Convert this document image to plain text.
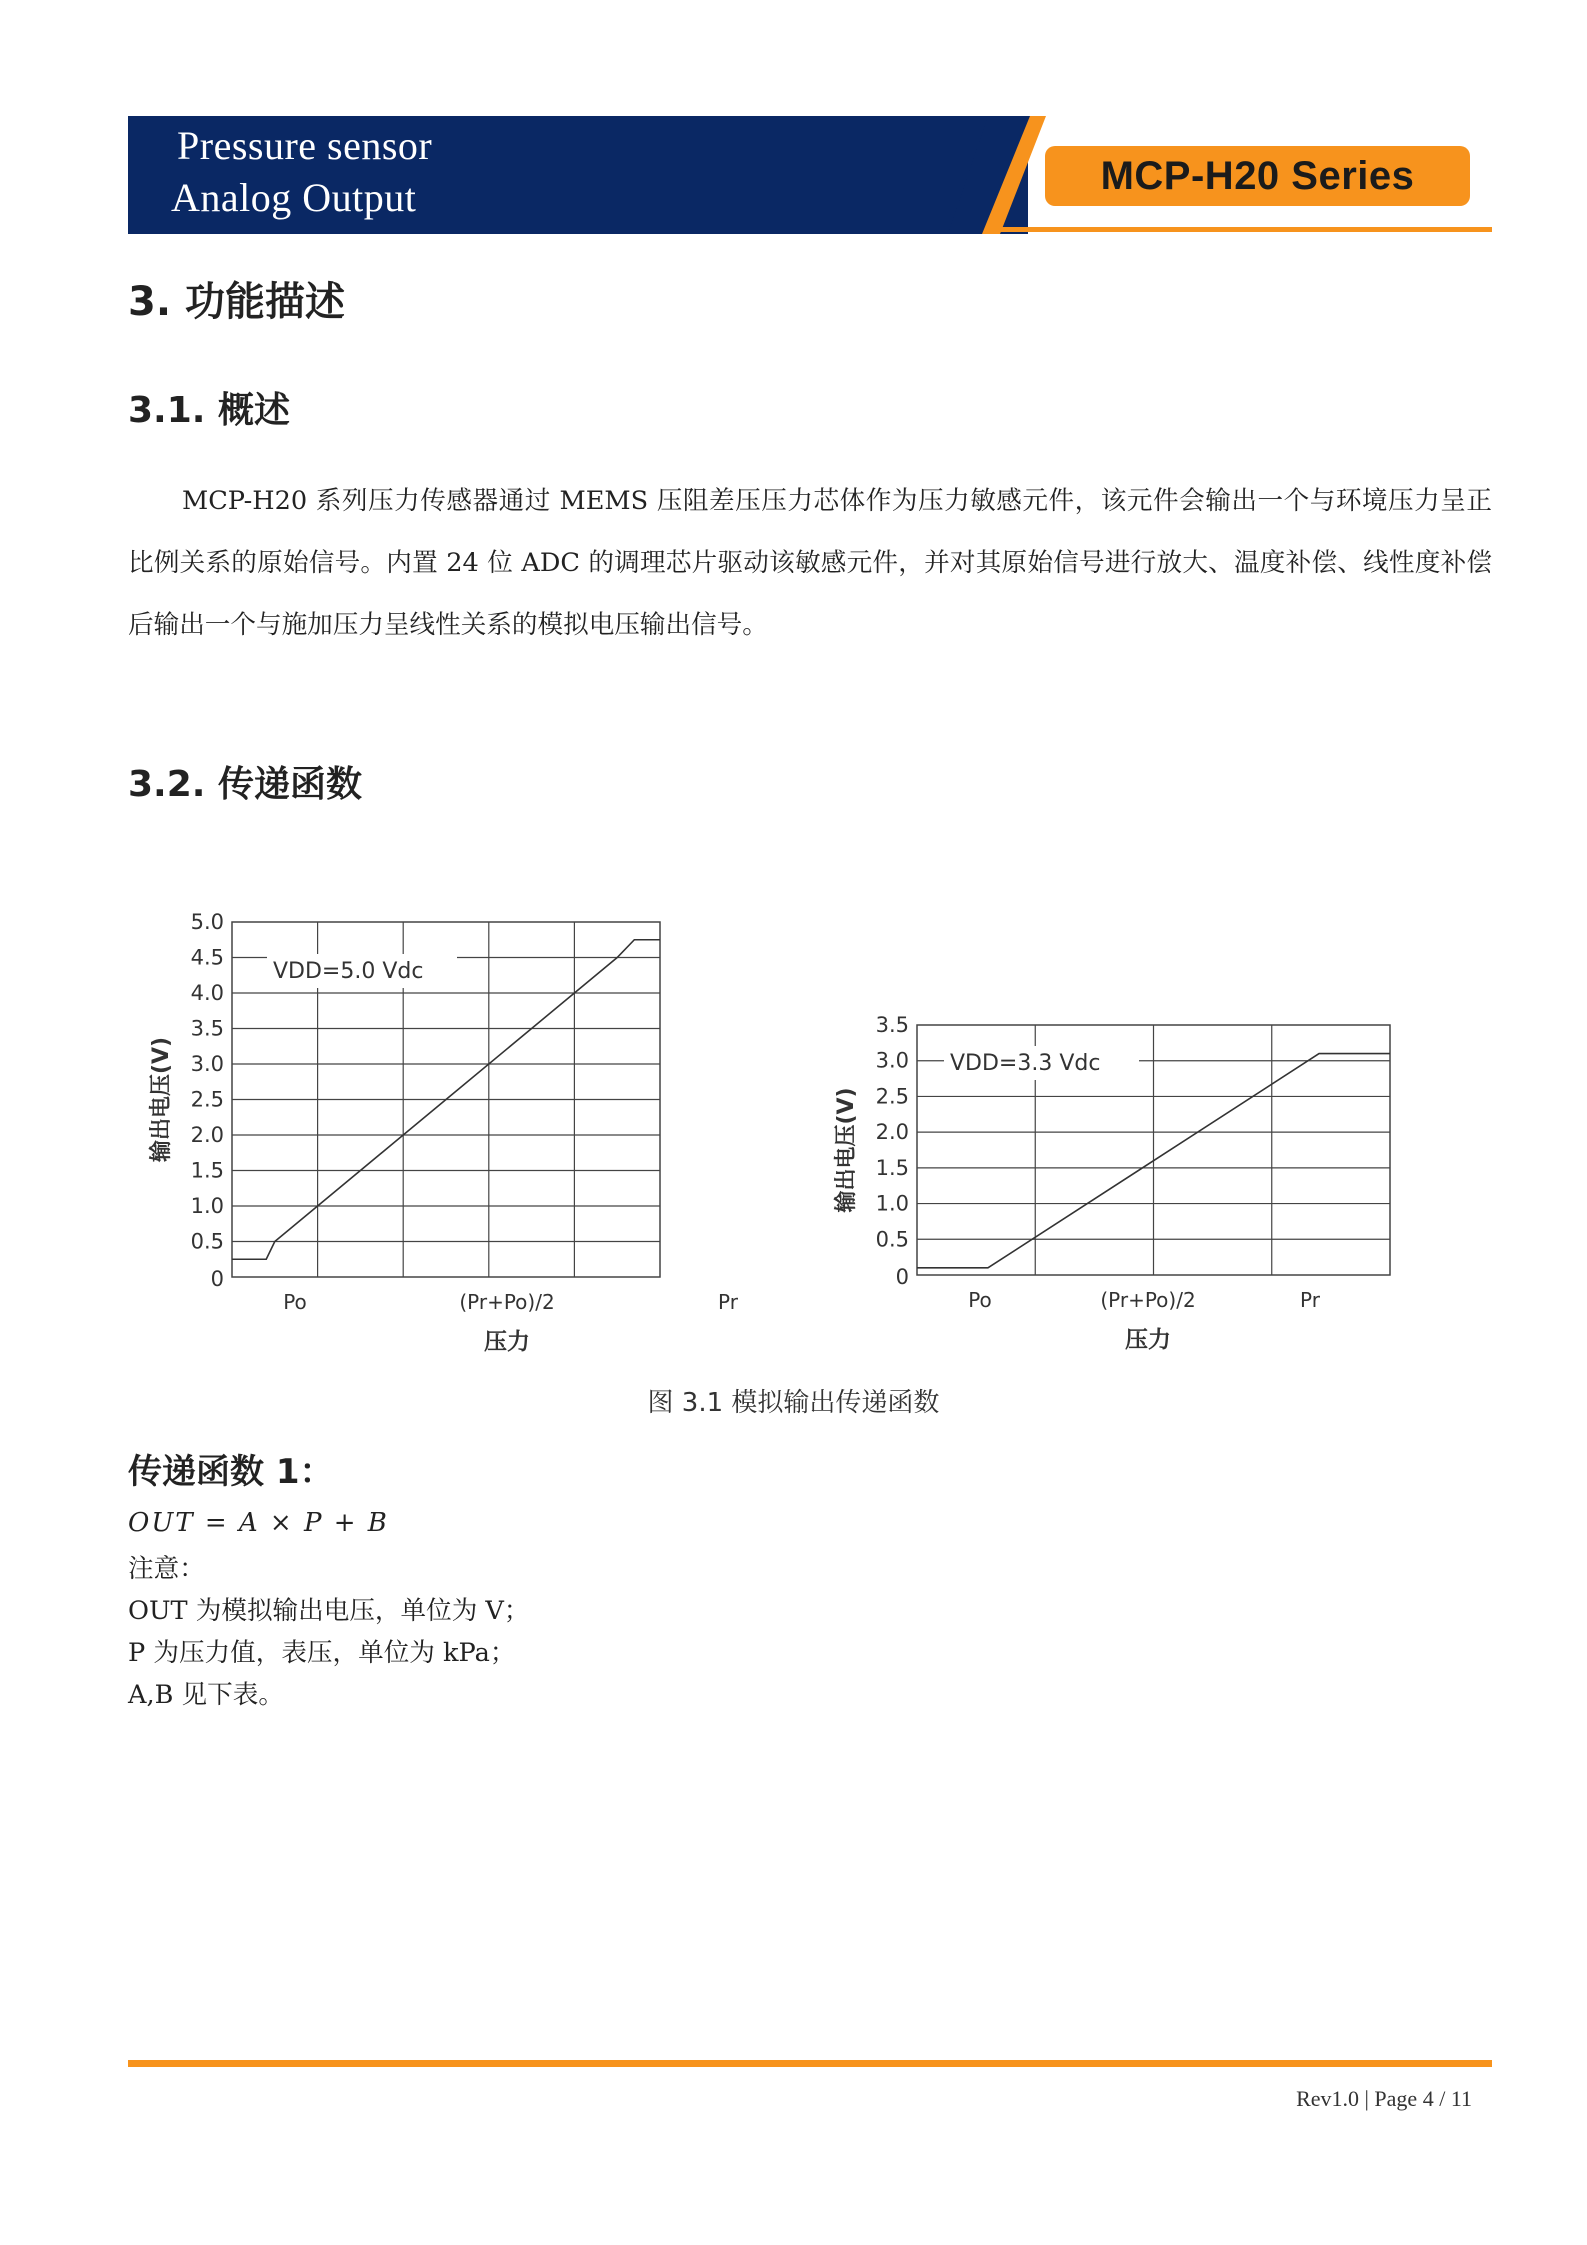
Pressure sensor
Analog Output	MCP-H20 Series
3. 功能描述
3.1. 概述

MCP-H20 系列压力传感器通过 MEMS 压阻差压压力芯体作为压力敏感元件，该元件会输出一个与环境压力呈正比例关系的原始信号。内置 24 位 ADC 的调理芯片驱动该敏感元件，并对其原始信号进行放大、温度补偿、线性度补偿后输出一个与施加压力呈线性关系的模拟电压输出信号。

3.2. 传递函数
5.0
4.5
4.0
3.5
3.0
2.5
2.0
1.5
1.0
0.5
0
VDD=5.0 Vdc
Po	(Pr+Po)/2	Pr
压力
输出电压(V)
3.5
3.0
2.5
2.0
1.5
1.0
0.5
0
VDD=3.3 Vdc
Po	(Pr+Po)/2	Pr
压力
输出电压(V)
图 3.1 模拟输出传递函数
传递函数 1：
OUT = A × P + B
注意：
OUT 为模拟输出电压，单位为 V；
P 为压力值，表压，单位为 kPa；
A,B 见下表。
Rev1.0 | Page 4 / 11
